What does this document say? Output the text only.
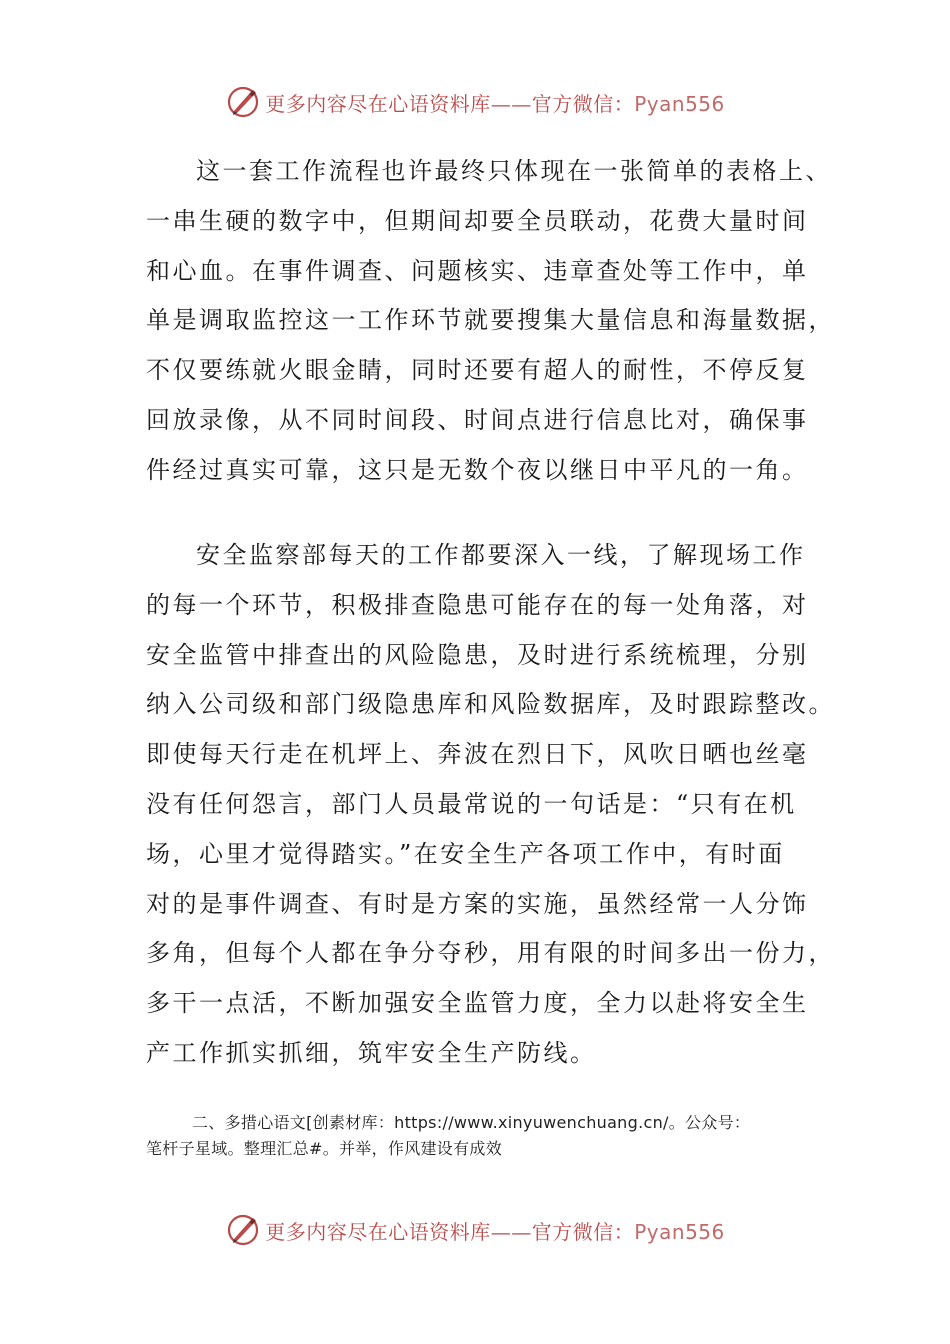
更多内容尽在心语资料库——官方微信：Pyan556
这一套工作流程也许最终只体现在一张简单的表格上、
一串生硬的数字中，但期间却要全员联动，花费大量时间
和心血。在事件调查、问题核实、违章查处等工作中，单
单是调取监控这一工作环节就要搜集大量信息和海量数据，
不仅要练就火眼金睛，同时还要有超人的耐性，不停反复
回放录像，从不同时间段、时间点进行信息比对，确保事
件经过真实可靠，这只是无数个夜以继日中平凡的一角。
安全监察部每天的工作都要深入一线，了解现场工作
的每一个环节，积极排查隐患可能存在的每一处角落，对
安全监管中排查出的风险隐患，及时进行系统梳理，分别
纳入公司级和部门级隐患库和风险数据库，及时跟踪整改。
即使每天行走在机坪上、奔波在烈日下，风吹日晒也丝毫
没有任何怨言，部门人员最常说的一句话是：“只有在机
场，心里才觉得踏实。”在安全生产各项工作中，有时面
对的是事件调查、有时是方案的实施，虽然经常一人分饰
多角，但每个人都在争分夺秒，用有限的时间多出一份力，
多干一点活，不断加强安全监管力度，全力以赴将安全生
产工作抓实抓细，筑牢安全生产防线。
二、多措心语文[创素材库：https://www.xinyuwenchuang.cn/。公众号：
笔杆子星域。整理汇总#。并举，作风建设有成效
更多内容尽在心语资料库——官方微信：Pyan556
